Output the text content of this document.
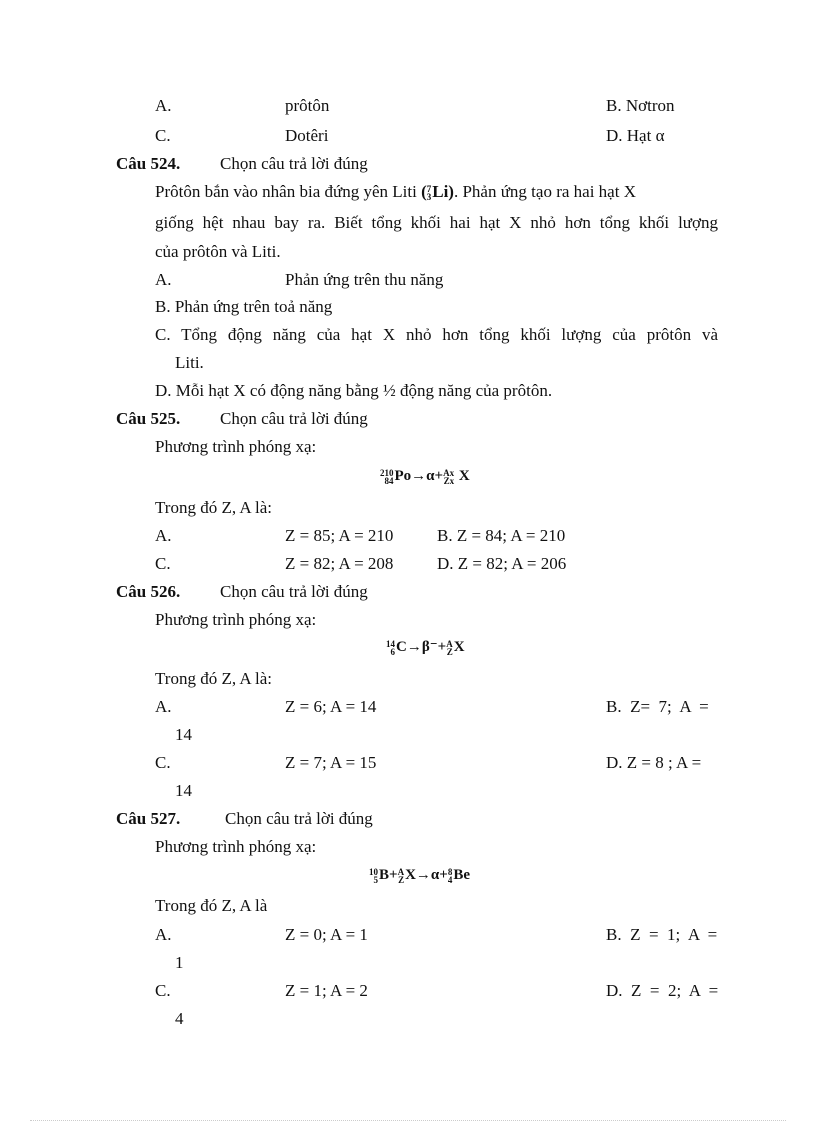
A.	prôtôn	B. Nơtron
C.	Dotêri	D. Hạt α
Câu 524. Chọn câu trả lời đúng
Prôtôn bắn vào nhân bia đứng yên Liti ( 7
3 Li). Phản ứng tạo ra hai hạt X
giống hệt nhau bay ra. Biết tổng khối hai hạt X nhỏ hơn tổng khối lượng
của prôtôn và Liti.
A.	Phản ứng trên thu năng
B. Phản ứng trên toả năng
C. Tổng động năng của hạt X nhỏ hơn tổng khối lượng của prôtôn và
Liti.
D. Mỗi hạt X có động năng bằng ½ động năng của prôtôn.
Câu 525. Chọn câu trả lời đúng
Phương trình phóng xạ:
210
84 Po→α+ Ax
Zx X
Trong đó Z, A là:
A.	Z = 85; A = 210	B. Z = 84; A = 210
C.	Z = 82; A = 208	D. Z = 82; A = 206
Câu 526. Chọn câu trả lời đúng
Phương trình phóng xạ:
14
6 C→β⁻+ A
Z X
Trong đó Z, A là:
A.	Z = 6; A = 14	B.  Z=  7;  A  =
14
C.	Z = 7; A = 15	D. Z = 8 ; A =
14
Câu 527.	Chọn câu trả lời đúng
Phương trình phóng xạ:
10
5 B+ A
Z X→α+ 8
4 Be
Trong đó Z, A là
A.	Z = 0; A = 1	B.  Z  =  1;  A  =
1
C.	Z = 1; A = 2	D.  Z  =  2;  A  =
4
